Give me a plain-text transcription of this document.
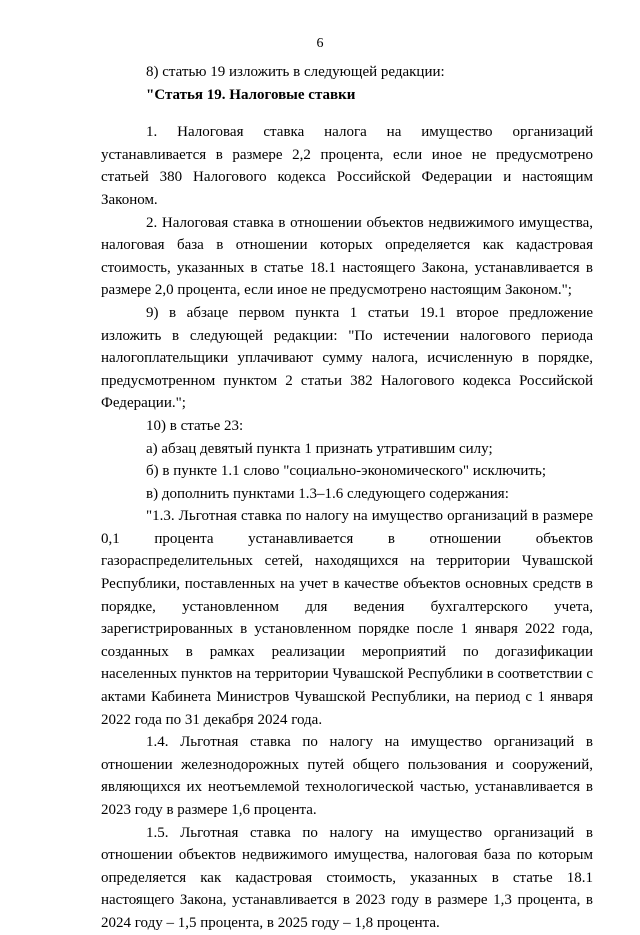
6

8) статью 19 изложить в следующей редакции:

"Статья 19. Налоговые ставки

1. Налоговая ставка налога на имущество организаций устанавливается в размере 2,2 процента, если иное не предусмотрено статьей 380 Налогового кодекса Российской Федерации и настоящим Законом.

2. Налоговая ставка в отношении объектов недвижимого имущества, налоговая база в отношении которых определяется как кадастровая стоимость, указанных в статье 18.1 настоящего Закона, устанавливается в размере 2,0 процента, если иное не предусмотрено настоящим Законом.";

9) в абзаце первом пункта 1 статьи 19.1 второе предложение изложить в следующей редакции: "По истечении налогового периода налогоплательщики уплачивают сумму налога, исчисленную в порядке, предусмотренном пунктом 2 статьи 382 Налогового кодекса Российской Федерации.";

10) в статье 23:

а) абзац девятый пункта 1 признать утратившим силу;

б) в пункте 1.1 слово "социально-экономического" исключить;

в) дополнить пунктами 1.3–1.6 следующего содержания:

"1.3. Льготная ставка по налогу на имущество организаций в размере 0,1 процента устанавливается в отношении объектов газораспределительных сетей, находящихся на территории Чувашской Республики, поставленных на учет в качестве объектов основных средств в порядке, установленном для ведения бухгалтерского учета, зарегистрированных в установленном порядке после 1 января 2022 года, созданных в рамках реализации мероприятий по догазификации населенных пунктов на территории Чувашской Республики в соответствии с актами Кабинета Министров Чувашской Республики, на период с 1 января 2022 года по 31 декабря 2024 года.

1.4. Льготная ставка по налогу на имущество организаций в отношении железнодорожных путей общего пользования и сооружений, являющихся их неотъемлемой технологической частью, устанавливается в 2023 году в размере 1,6 процента.

1.5. Льготная ставка по налогу на имущество организаций в отношении объектов недвижимого имущества, налоговая база по которым определяется как кадастровая стоимость, указанных в статье 18.1 настоящего Закона, устанавливается в 2023 году в размере 1,3 процента, в 2024 году – 1,5 процента, в 2025 году – 1,8 процента.
